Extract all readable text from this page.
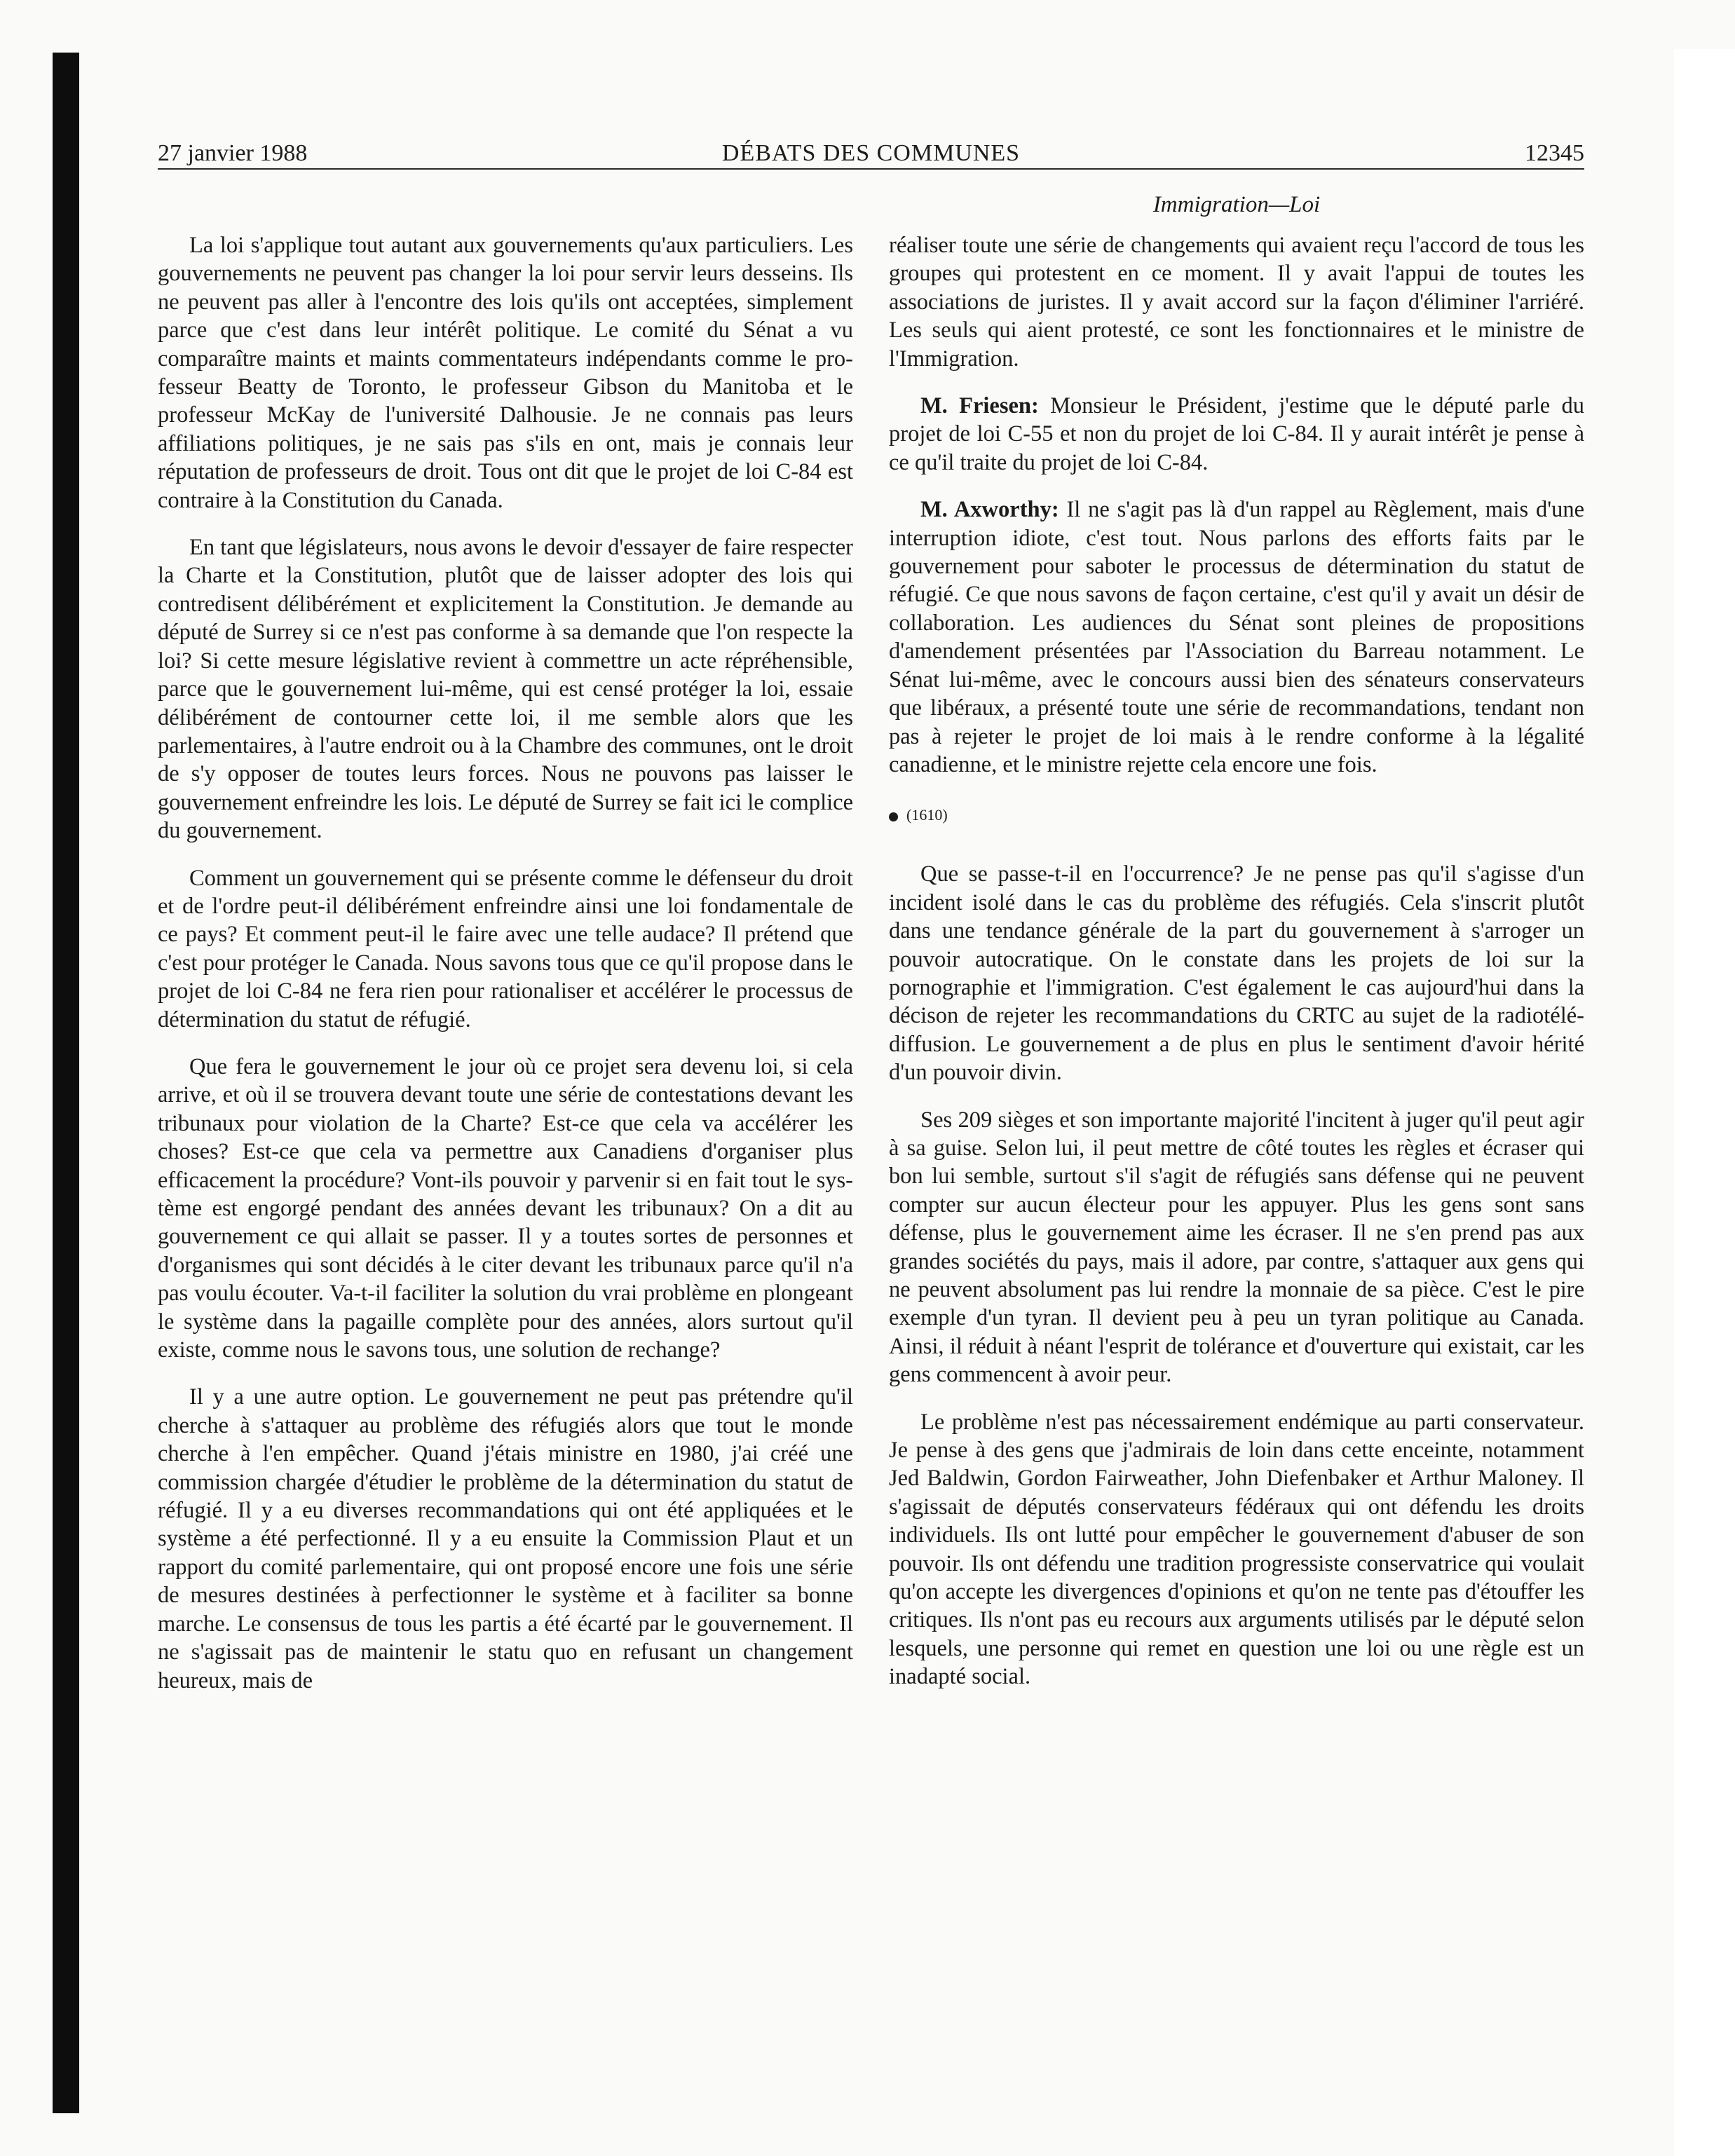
27 janvier 1988	DÉBATS DES COMMUNES	12345
Immigration—Loi

La loi s'applique tout autant aux gouvernements qu'aux particuliers. Les gouvernements ne peuvent pas changer la loi pour servir leurs desseins. Ils ne peuvent pas aller à l'encontre des lois qu'ils ont acceptées, simplement parce que c'est dans leur intérêt politique. Le comité du Sénat a vu comparaître maints et maints commentateurs indépendants comme le professeur Beatty de Toronto, le professeur Gibson du Manitoba et le professeur McKay de l'université Dalhousie. Je ne connais pas leurs affiliations politiques, je ne sais pas s'ils en ont, mais je connais leur réputation de professeurs de droit. Tous ont dit que le projet de loi C-84 est contraire à la Constitution du Canada.

En tant que législateurs, nous avons le devoir d'essayer de faire respecter la Charte et la Constitution, plutôt que de laisser adopter des lois qui contredisent délibérément et explicitement la Constitution. Je demande au député de Surrey si ce n'est pas conforme à sa demande que l'on respecte la loi? Si cette mesure législative revient à commettre un acte répréhensible, parce que le gouvernement lui-même, qui est censé protéger la loi, essaie délibérément de contourner cette loi, il me semble alors que les parlementaires, à l'autre endroit ou à la Chambre des communes, ont le droit de s'y opposer de toutes leurs forces. Nous ne pouvons pas laisser le gouvernement enfreindre les lois. Le député de Surrey se fait ici le complice du gouvernement.

Comment un gouvernement qui se présente comme le défenseur du droit et de l'ordre peut-il délibérément enfreindre ainsi une loi fondamentale de ce pays? Et comment peut-il le faire avec une telle audace? Il prétend que c'est pour protéger le Canada. Nous savons tous que ce qu'il propose dans le projet de loi C-84 ne fera rien pour rationaliser et accélérer le processus de détermination du statut de réfugié.

Que fera le gouvernement le jour où ce projet sera devenu loi, si cela arrive, et où il se trouvera devant toute une série de contestations devant les tribunaux pour violation de la Charte? Est-ce que cela va accélérer les choses? Est-ce que cela va permettre aux Canadiens d'organiser plus efficacement la procédure? Vont-ils pouvoir y parvenir si en fait tout le système est engorgé pendant des années devant les tribunaux? On a dit au gouvernement ce qui allait se passer. Il y a toutes sortes de personnes et d'organismes qui sont décidés à le citer devant les tribunaux parce qu'il n'a pas voulu écouter. Va-t-il faciliter la solution du vrai problème en plongeant le système dans la pagaille complète pour des années, alors surtout qu'il existe, comme nous le savons tous, une solution de rechange?

Il y a une autre option. Le gouvernement ne peut pas prétendre qu'il cherche à s'attaquer au problème des réfugiés alors que tout le monde cherche à l'en empêcher. Quand j'étais ministre en 1980, j'ai créé une commission chargée d'étudier le problème de la détermination du statut de réfugié. Il y a eu diverses recommandations qui ont été appliquées et le système a été perfectionné. Il y a eu ensuite la Commission Plaut et un rapport du comité parlementaire, qui ont proposé encore une fois une série de mesures destinées à perfectionner le système et à faciliter sa bonne marche. Le consensus de tous les partis a été écarté par le gouvernement. Il ne s'agissait pas de maintenir le statu quo en refusant un changement heureux, mais de

réaliser toute une série de changements qui avaient reçu l'accord de tous les groupes qui protestent en ce moment. Il y avait l'appui de toutes les associations de juristes. Il y avait accord sur la façon d'éliminer l'arriéré. Les seuls qui aient protesté, ce sont les fonctionnaires et le ministre de l'Immigration.

M. Friesen: Monsieur le Président, j'estime que le député parle du projet de loi C-55 et non du projet de loi C-84. Il y aurait intérêt je pense à ce qu'il traite du projet de loi C-84.

M. Axworthy: Il ne s'agit pas là d'un rappel au Règlement, mais d'une interruption idiote, c'est tout. Nous parlons des efforts faits par le gouvernement pour saboter le processus de détermination du statut de réfugié. Ce que nous savons de façon certaine, c'est qu'il y avait un désir de collaboration. Les audiences du Sénat sont pleines de propositions d'amendement présentées par l'Association du Barreau notamment. Le Sénat lui-même, avec le concours aussi bien des sénateurs conservateurs que libéraux, a présenté toute une série de recommandations, tendant non pas à rejeter le projet de loi mais à le rendre conforme à la légalité canadienne, et le ministre rejette cela encore une fois.

(1610)

Que se passe-t-il en l'occurrence? Je ne pense pas qu'il s'agisse d'un incident isolé dans le cas du problème des réfugiés. Cela s'inscrit plutôt dans une tendance générale de la part du gouvernement à s'arroger un pouvoir autocratique. On le constate dans les projets de loi sur la pornographie et l'immigration. C'est également le cas aujourd'hui dans la décison de rejeter les recommandations du CRTC au sujet de la radiotélédiffusion. Le gouvernement a de plus en plus le sentiment d'avoir hérité d'un pouvoir divin.

Ses 209 sièges et son importante majorité l'incitent à juger qu'il peut agir à sa guise. Selon lui, il peut mettre de côté toutes les règles et écraser qui bon lui semble, surtout s'il s'agit de réfugiés sans défense qui ne peuvent compter sur aucun électeur pour les appuyer. Plus les gens sont sans défense, plus le gouvernement aime les écraser. Il ne s'en prend pas aux grandes sociétés du pays, mais il adore, par contre, s'attaquer aux gens qui ne peuvent absolument pas lui rendre la monnaie de sa pièce. C'est le pire exemple d'un tyran. Il devient peu à peu un tyran politique au Canada. Ainsi, il réduit à néant l'esprit de tolérance et d'ouverture qui existait, car les gens commencent à avoir peur.

Le problème n'est pas nécessairement endémique au parti conservateur. Je pense à des gens que j'admirais de loin dans cette enceinte, notamment Jed Baldwin, Gordon Fairweather, John Diefenbaker et Arthur Maloney. Il s'agissait de députés conservateurs fédéraux qui ont défendu les droits individuels. Ils ont lutté pour empêcher le gouvernement d'abuser de son pouvoir. Ils ont défendu une tradition progressiste conservatrice qui voulait qu'on accepte les divergences d'opinions et qu'on ne tente pas d'étouffer les critiques. Ils n'ont pas eu recours aux arguments utilisés par le député selon lesquels, une personne qui remet en question une loi ou une règle est un inadapté social.
